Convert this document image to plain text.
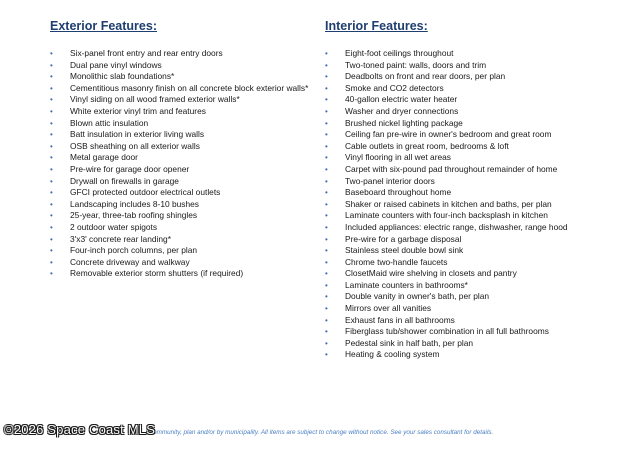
Exterior Features:
• Six-panel front entry and rear entry doors
• Dual pane vinyl windows
• Monolithic slab foundations*
• Cementitious masonry finish on all concrete block exterior walls*
• Vinyl siding on all wood framed exterior walls*
• White exterior vinyl trim and features
• Blown attic insulation
• Batt insulation in exterior living walls
• OSB sheathing on all exterior walls
• Metal garage door
• Pre-wire for garage door opener
• Drywall on firewalls in garage
• GFCI protected outdoor electrical outlets
• Landscaping includes 8-10 bushes
• 25-year, three-tab roofing shingles
• 2 outdoor water spigots
• 3'x3' concrete rear landing*
• Four-inch porch columns, per plan
• Concrete driveway and walkway
• Removable exterior storm shutters (if required)
Interior Features:
• Eight-foot ceilings throughout
• Two-toned paint: walls, doors and trim
• Deadbolts on front and rear doors, per plan
• Smoke and CO2 detectors
• 40-gallon electric water heater
• Washer and dryer connections
• Brushed nickel lighting package
• Ceiling fan pre-wire in owner's bedroom and great room
• Cable outlets in great room, bedrooms & loft
• Vinyl flooring in all wet areas
• Carpet with six-pound pad throughout remainder of home
• Two-panel interior doors
• Baseboard throughout home
• Shaker or raised cabinets in kitchen and baths, per plan
• Laminate counters with four-inch backsplash in kitchen
• Included appliances: electric range, dishwasher, range hood
• Pre-wire for a garbage disposal
• Stainless steel double bowl sink
• Chrome two-handle faucets
• ClosetMaid wire shelving in closets and pantry
• Laminate counters in bathrooms*
• Double vanity in owner's bath, per plan
• Mirrors over all vanities
• Exhaust fans in all bathrooms
• Fiberglass tub/shower combination in all full bathrooms
• Pedestal sink in half bath, per plan
• Heating & cooling system
community, plan and/or by municipality. All items are subject to change without notice. See your sales consultant for details.
©2026 Space Coast MLS
